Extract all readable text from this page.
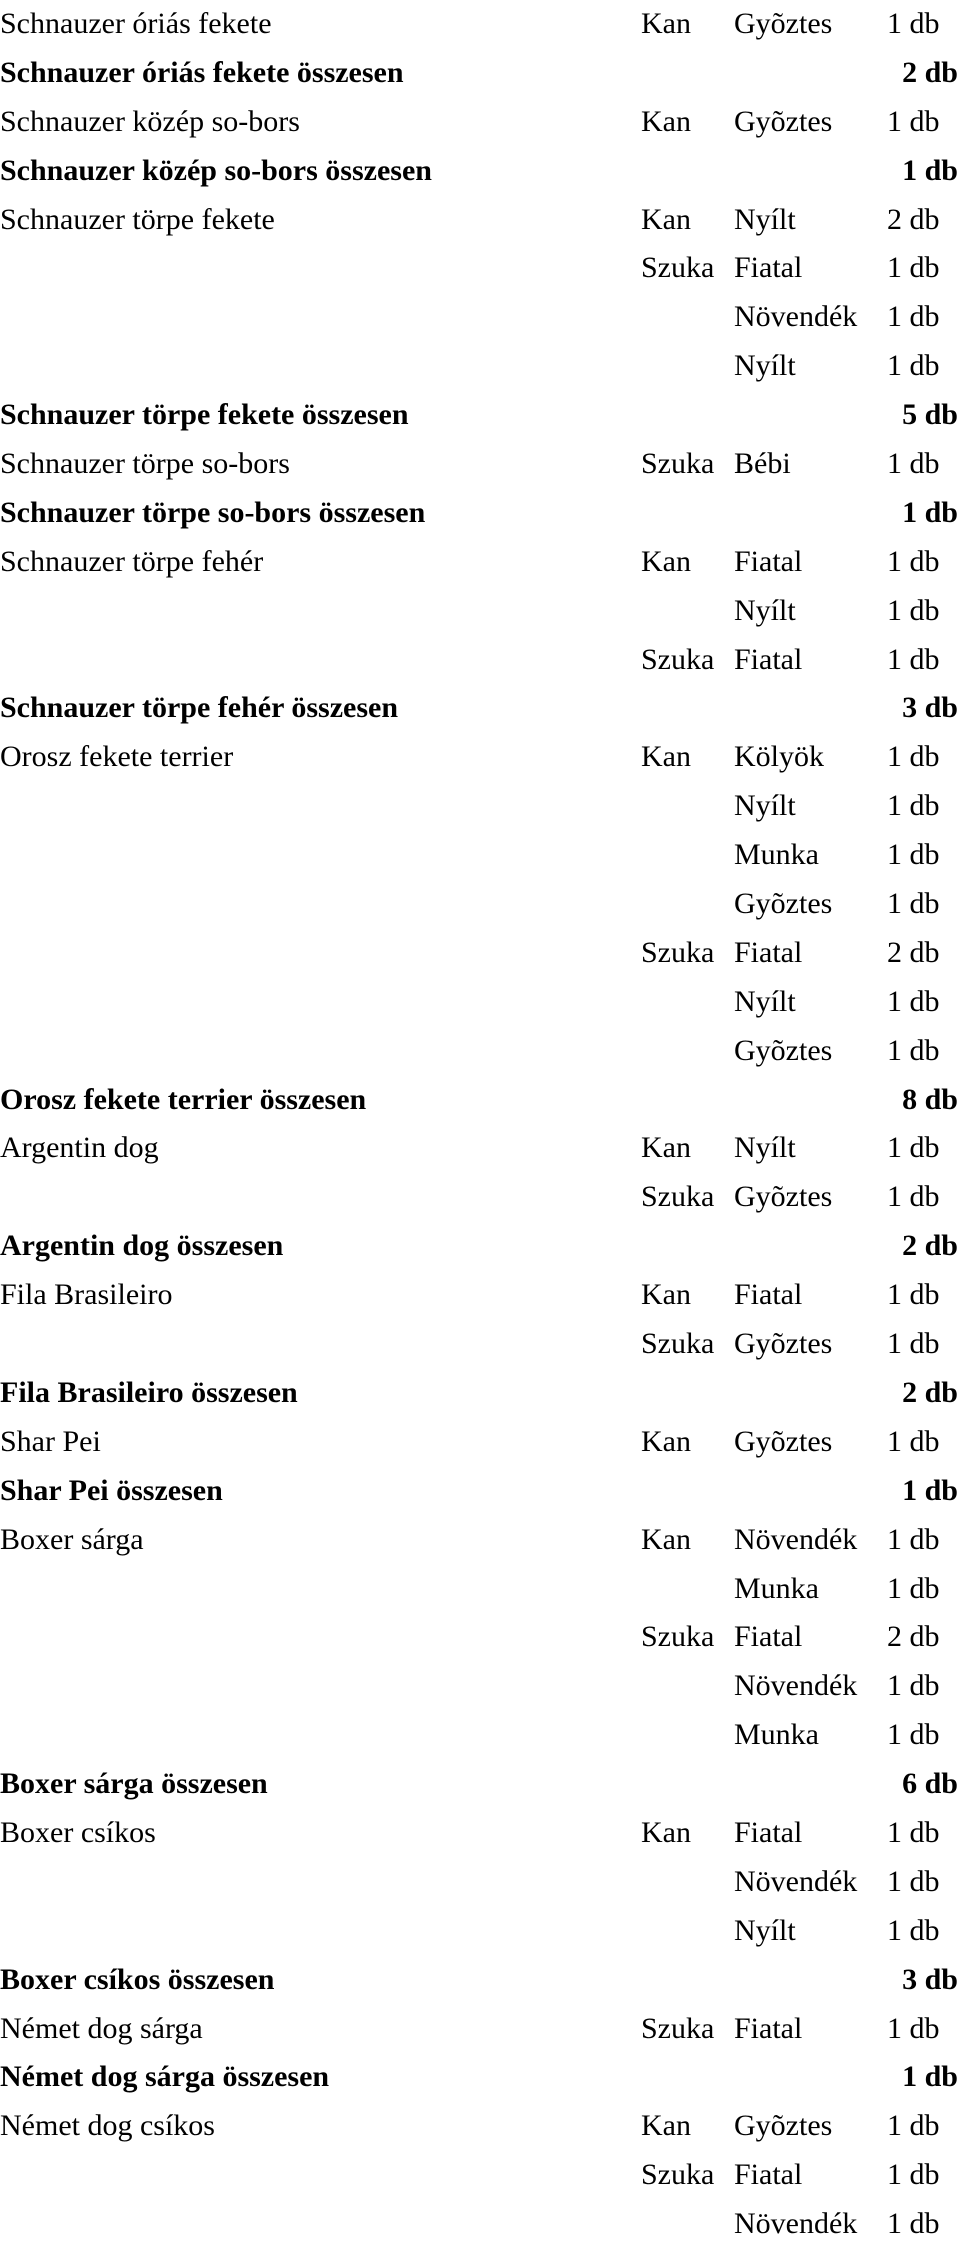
Schnauzer óriás fekete	Kan Gyõztes 1 db
Schnauzer óriás fekete összesen	2 db
Schnauzer közép so-bors	Kan Gyõztes 1 db
Schnauzer közép so-bors összesen	1 db
Schnauzer törpe fekete	Kan Nyílt	2 db
Szuka Fiatal	1 db
Növendék 1 db
Nyílt	1 db
Schnauzer törpe fekete összesen	5 db
Schnauzer törpe so-bors	Szuka Bébi	1 db
Schnauzer törpe so-bors összesen	1 db
Schnauzer törpe fehér	Kan Fiatal	1 db
Nyílt	1 db
Szuka Fiatal	1 db
Schnauzer törpe fehér összesen	3 db
Orosz fekete terrier	Kan Kölyök 1 db
Nyílt	1 db
Munka 1 db
Gyõztes 1 db
Szuka Fiatal	2 db
Nyílt	1 db
Gyõztes 1 db
Orosz fekete terrier összesen	8 db
Argentin dog	Kan Nyílt	1 db
Szuka Gyõztes 1 db
Argentin dog összesen	2 db
Fila Brasileiro	Kan Fiatal	1 db
Szuka Gyõztes 1 db
Fila Brasileiro összesen	2 db
Shar Pei	Kan Gyõztes 1 db
Shar Pei összesen	1 db
Boxer sárga	Kan Növendék 1 db
Munka 1 db
Szuka Fiatal	2 db
Növendék 1 db
Munka 1 db
Boxer sárga összesen	6 db
Boxer csíkos	Kan Fiatal	1 db
Növendék 1 db
Nyílt	1 db
Boxer csíkos összesen	3 db
Német dog sárga	Szuka Fiatal	1 db
Német dog sárga összesen	1 db
Német dog csíkos	Kan Gyõztes 1 db
Szuka Fiatal	1 db
Növendék 1 db
